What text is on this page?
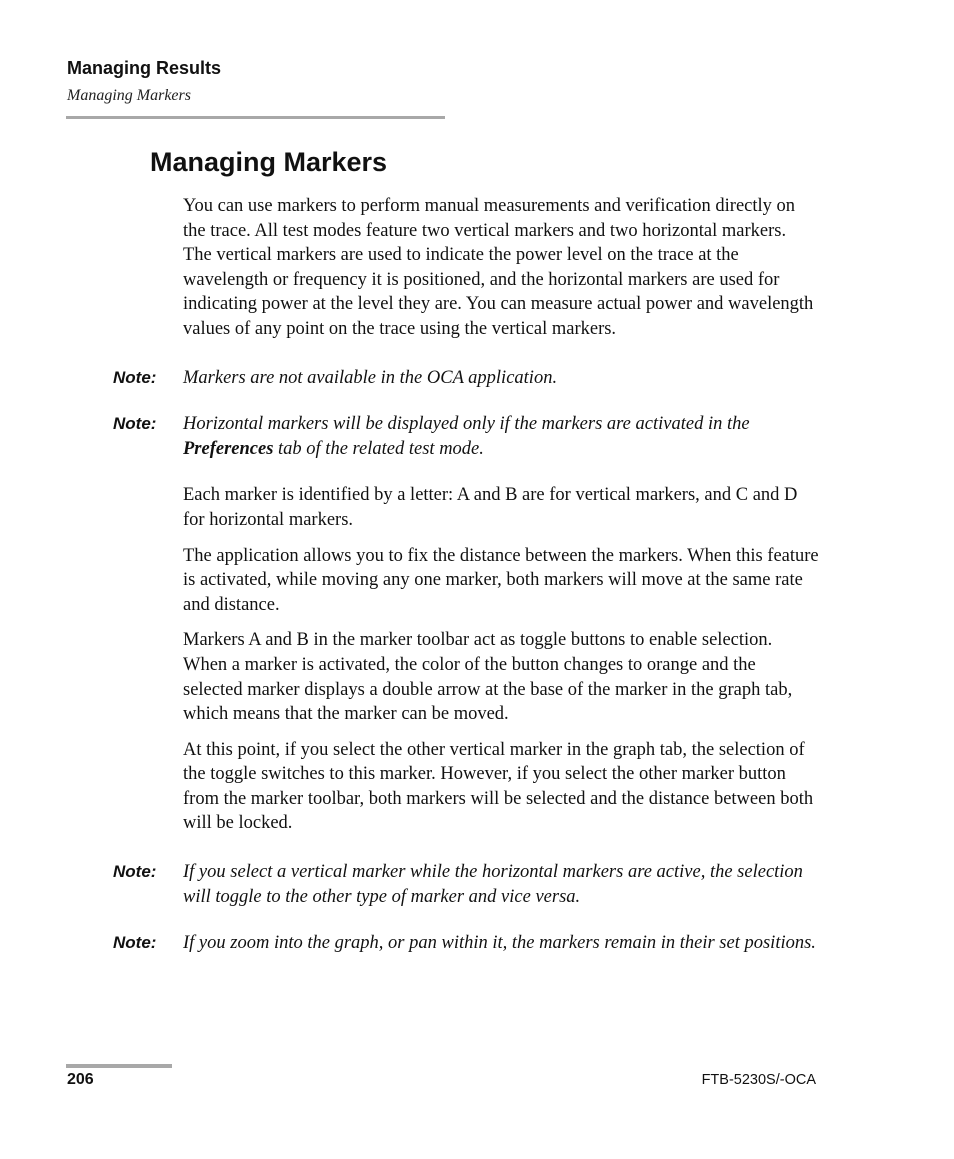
Managing Results
Managing Markers
Managing Markers

You can use markers to perform manual measurements and verification directly on the trace. All test modes feature two vertical markers and two horizontal markers. The vertical markers are used to indicate the power level on the trace at the wavelength or frequency it is positioned, and the horizontal markers are used for indicating power at the level they are. You can measure actual power and wavelength values of any point on the trace using the vertical markers.

Note:	Markers are not available in the OCA application.
Note:	Horizontal markers will be displayed only if the markers are activated in the Preferences tab of the related test mode.

Each marker is identified by a letter: A and B are for vertical markers, and C and D for horizontal markers.

The application allows you to fix the distance between the markers. When this feature is activated, while moving any one marker, both markers will move at the same rate and distance.

Markers A and B in the marker toolbar act as toggle buttons to enable selection. When a marker is activated, the color of the button changes to orange and the selected marker displays a double arrow at the base of the marker in the graph tab, which means that the marker can be moved.

At this point, if you select the other vertical marker in the graph tab, the selection of the toggle switches to this marker. However, if you select the other marker button from the marker toolbar, both markers will be selected and the distance between both will be locked.

Note:	If you select a vertical marker while the horizontal markers are active, the selection will toggle to the other type of marker and vice versa.
Note:	If you zoom into the graph, or pan within it, the markers remain in their set positions.
206	FTB-5230S/-OCA
